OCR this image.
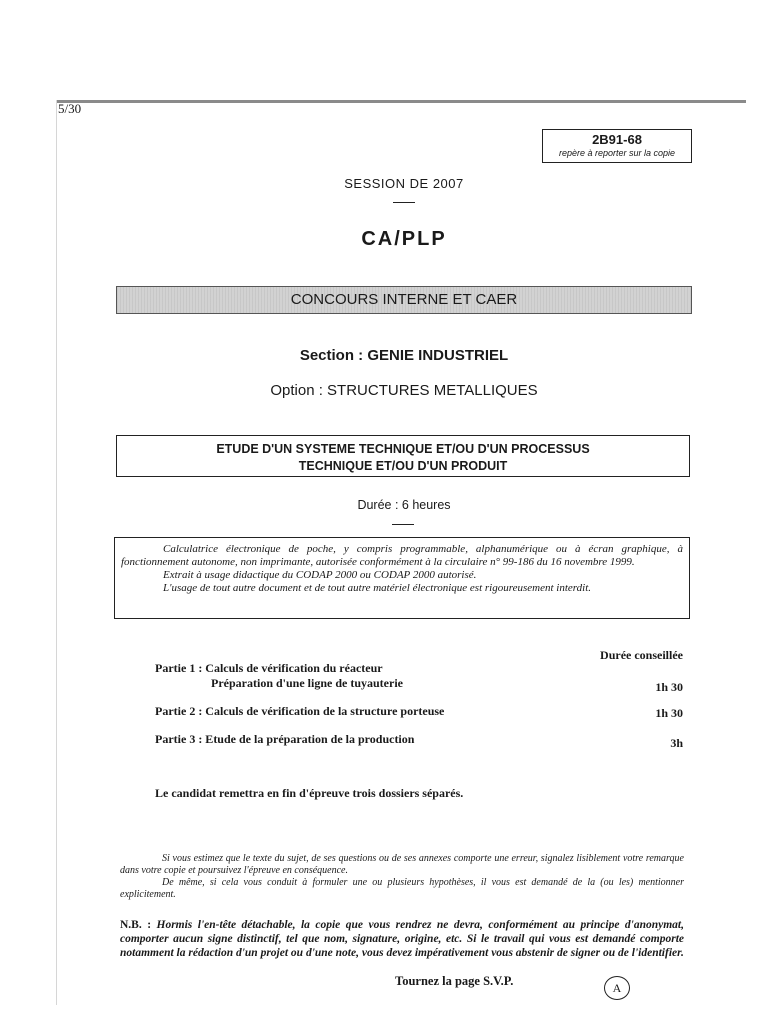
5/30
2B91-68
repère à reporter sur la copie
SESSION DE 2007
CA/PLP
CONCOURS INTERNE ET CAER
Section : GENIE INDUSTRIEL
Option : STRUCTURES METALLIQUES
ETUDE D'UN SYSTEME TECHNIQUE ET/OU D'UN PROCESSUS
TECHNIQUE ET/OU D'UN PRODUIT
Durée : 6 heures

Calculatrice électronique de poche, y compris programmable, alphanumérique ou à écran graphique, à fonctionnement autonome, non imprimante, autorisée conformément à la circulaire n° 99-186 du 16 novembre 1999.

Extrait à usage didactique du CODAP 2000 ou CODAP 2000 autorisé.

L'usage de tout autre document et de tout autre matériel électronique est rigoureusement interdit.

Durée conseillée
Partie 1 : Calculs de vérification du réacteur
Préparation d'une ligne de tuyauterie	1h 30
Partie 2 : Calculs de vérification de la structure porteuse	1h 30
Partie 3 : Etude de la préparation de la production	3h
Le candidat remettra en fin d'épreuve trois dossiers séparés.

Si vous estimez que le texte du sujet, de ses questions ou de ses annexes comporte une erreur, signalez lisiblement votre remarque dans votre copie et poursuivez l'épreuve en conséquence.

De même, si cela vous conduit à formuler une ou plusieurs hypothèses, il vous est demandé de la (ou les) mentionner explicitement.

N.B. : Hormis l'en-tête détachable, la copie que vous rendrez ne devra, conformément au principe d'anonymat, comporter aucun signe distinctif, tel que nom, signature, origine, etc. Si le travail qui vous est demandé comporte notamment la rédaction d'un projet ou d'une note, vous devez impérativement vous abstenir de signer ou de l'identifier.
Tournez la page S.V.P.	A
